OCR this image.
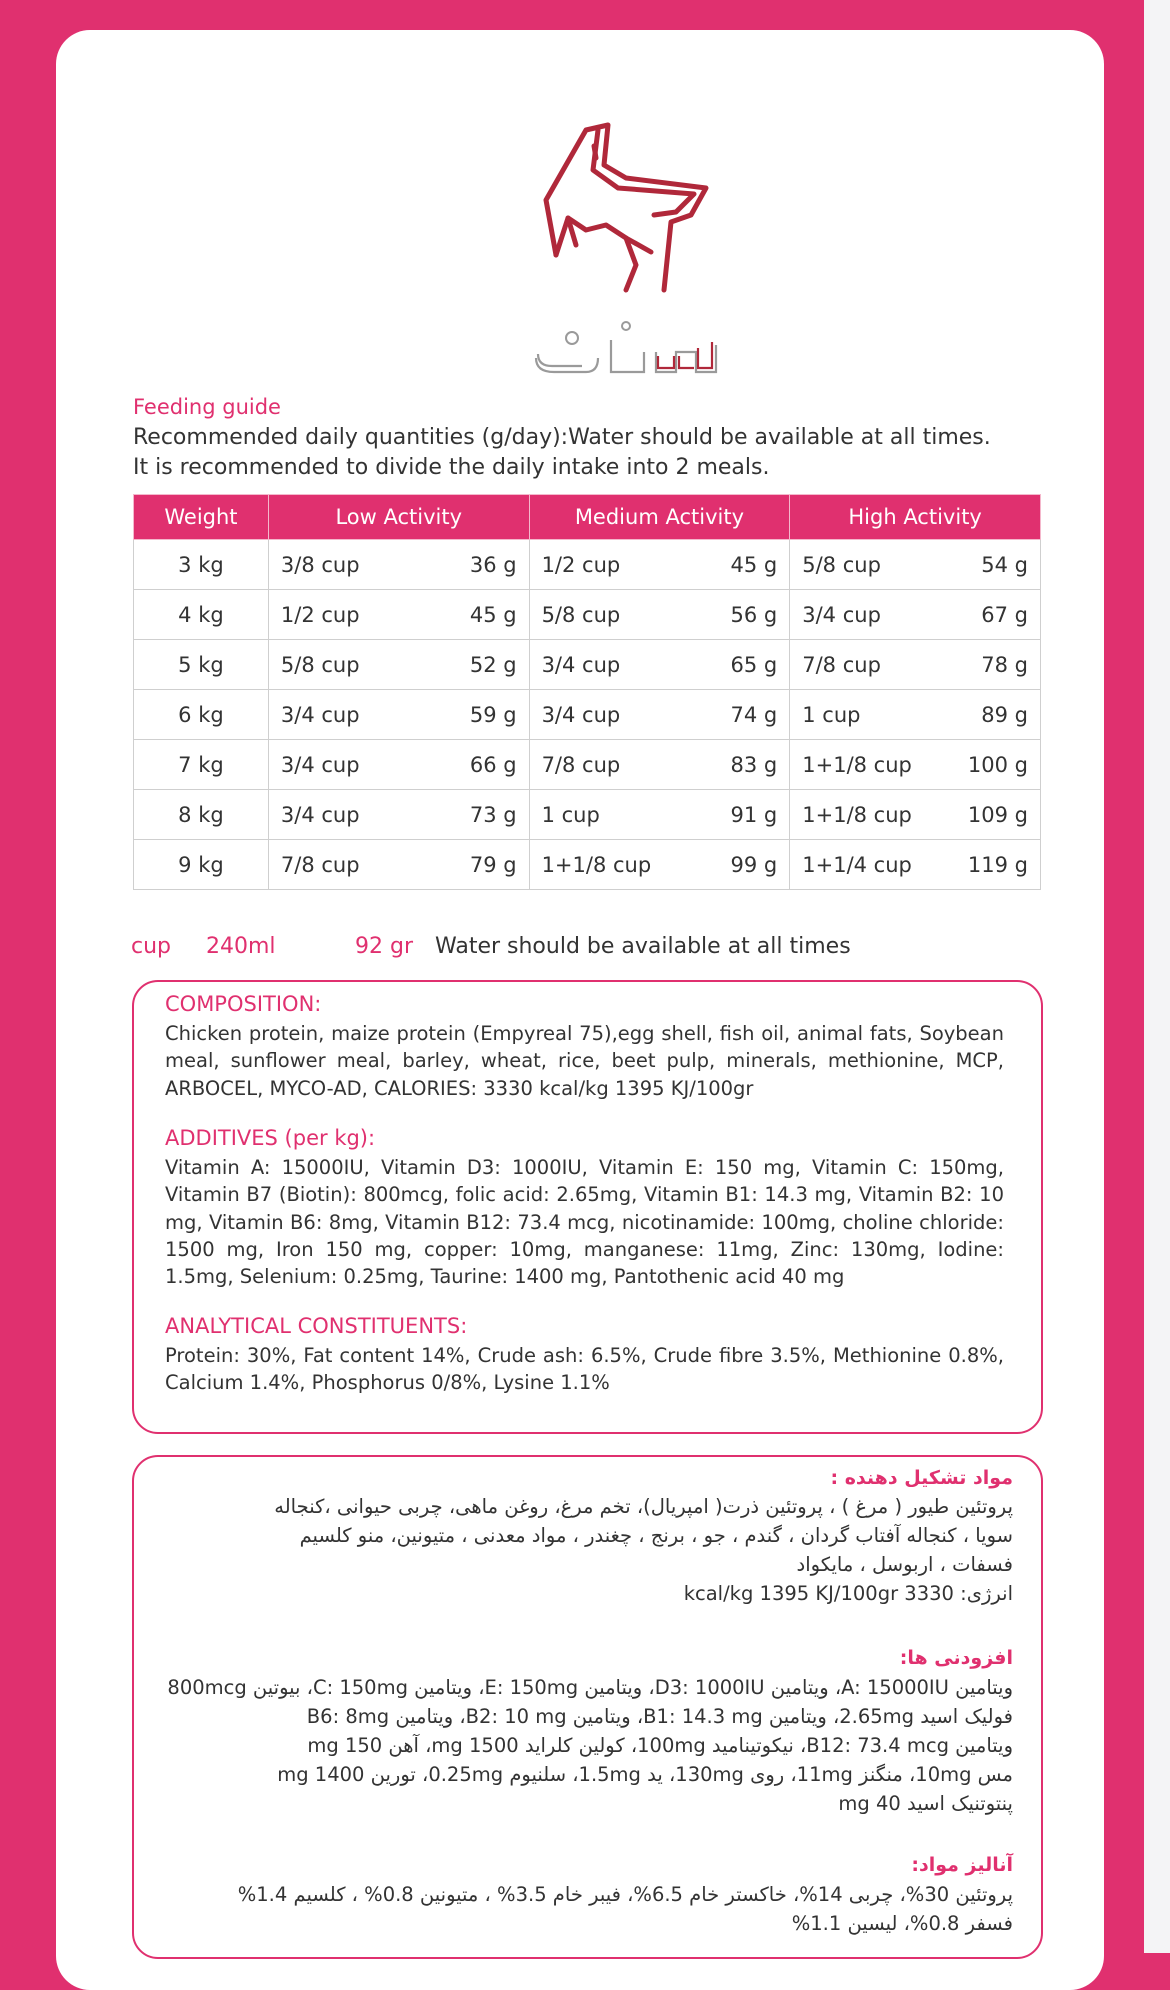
سلبن
Feeding guide
Recommended daily quantities (g/day):Water should be available at all times.
It is recommended to divide the daily intake into 2 meals.
Weight	Low Activity	Medium Activity	High Activity
3 kg	3/8 cup 36 g	1/2 cup 45 g	5/8 cup 54 g

4 kg	1/2 cup 45 g	5/8 cup 56 g	3/4 cup 67 g

5 kg	5/8 cup 52 g	3/4 cup 65 g	7/8 cup 78 g

6 kg	3/4 cup 59 g	3/4 cup 74 g	1 cup 89 g

7 kg	3/4 cup 66 g	7/8 cup 83 g	1+1/8 cup 100 g

8 kg	3/4 cup 73 g	1 cup 91 g	1+1/8 cup 109 g

9 kg	7/8 cup 79 g	1+1/8 cup 99 g	1+1/4 cup 119 g
cup 240ml	92 gr Water should be available at all times
COMPOSITION:
Chicken protein, maize protein (Empyreal 75),egg shell, fish oil, animal fats, Soybean meal, sunflower meal, barley, wheat, rice, beet pulp, minerals, methionine, MCP, ARBOCEL, MYCO-AD, CALORIES: 3330 kcal/kg 1395 KJ/100gr
ADDITIVES (per kg):
Vitamin A: 15000IU, Vitamin D3: 1000IU, Vitamin E: 150 mg, Vitamin C: 150mg, Vitamin B7 (Biotin): 800mcg, folic acid: 2.65mg, Vitamin B1: 14.3 mg, Vitamin B2: 10 mg, Vitamin B6: 8mg, Vitamin B12: 73.4 mcg, nicotinamide: 100mg, choline chloride: 1500 mg, Iron 150 mg, copper: 10mg, manganese: 11mg, Zinc: 130mg, Iodine: 1.5mg, Selenium: 0.25mg, Taurine: 1400 mg, Pantothenic acid 40 mg
ANALYTICAL CONSTITUENTS:
Protein: 30%, Fat content 14%, Crude ash: 6.5%, Crude fibre 3.5%, Methionine 0.8%, Calcium 1.4%, Phosphorus 0/8%, Lysine 1.1%
مواد تشکیل دهنده :
پروتئین طیور ( مرغ ) ، پروتئین ذرت( امپریال)، تخم مرغ، روغن ماهی، چربی حیوانی ،کنجاله
سویا ، کنجاله آفتاب گردان ، گندم ، جو ، برنج ، چغندر ، مواد معدنی ، متیونین، منو کلسیم
فسفات ، اربوسل ، مایکواد
انرژی: 3330 kcal/kg 1395 KJ/100gr
افزودنی ها:
ویتامین A: 15000IU، ویتامین D3: 1000IU، ویتامین E: 150mg، ویتامین C: 150mg، بیوتین 800mcg
فولیک اسید 2.65mg، ویتامین B1: 14.3 mg، ویتامین B2: 10 mg، ویتامین B6: 8mg
ویتامین B12: 73.4 mcg، نیکوتینامید 100mg، کولین کلراید 1500 mg، آهن 150 mg
مس 10mg، منگنز 11mg، روی 130mg، ید 1.5mg، سلنیوم 0.25mg، تورین 1400 mg
پنتوتنیک اسید 40 mg
آنالیز مواد:
پروتئین 30%، چربی 14%، خاکستر خام 6.5%، فیبر خام 3.5% ، متیونین 0.8% ، کلسیم 1.4%
فسفر 0.8%، لیسین 1.1%
